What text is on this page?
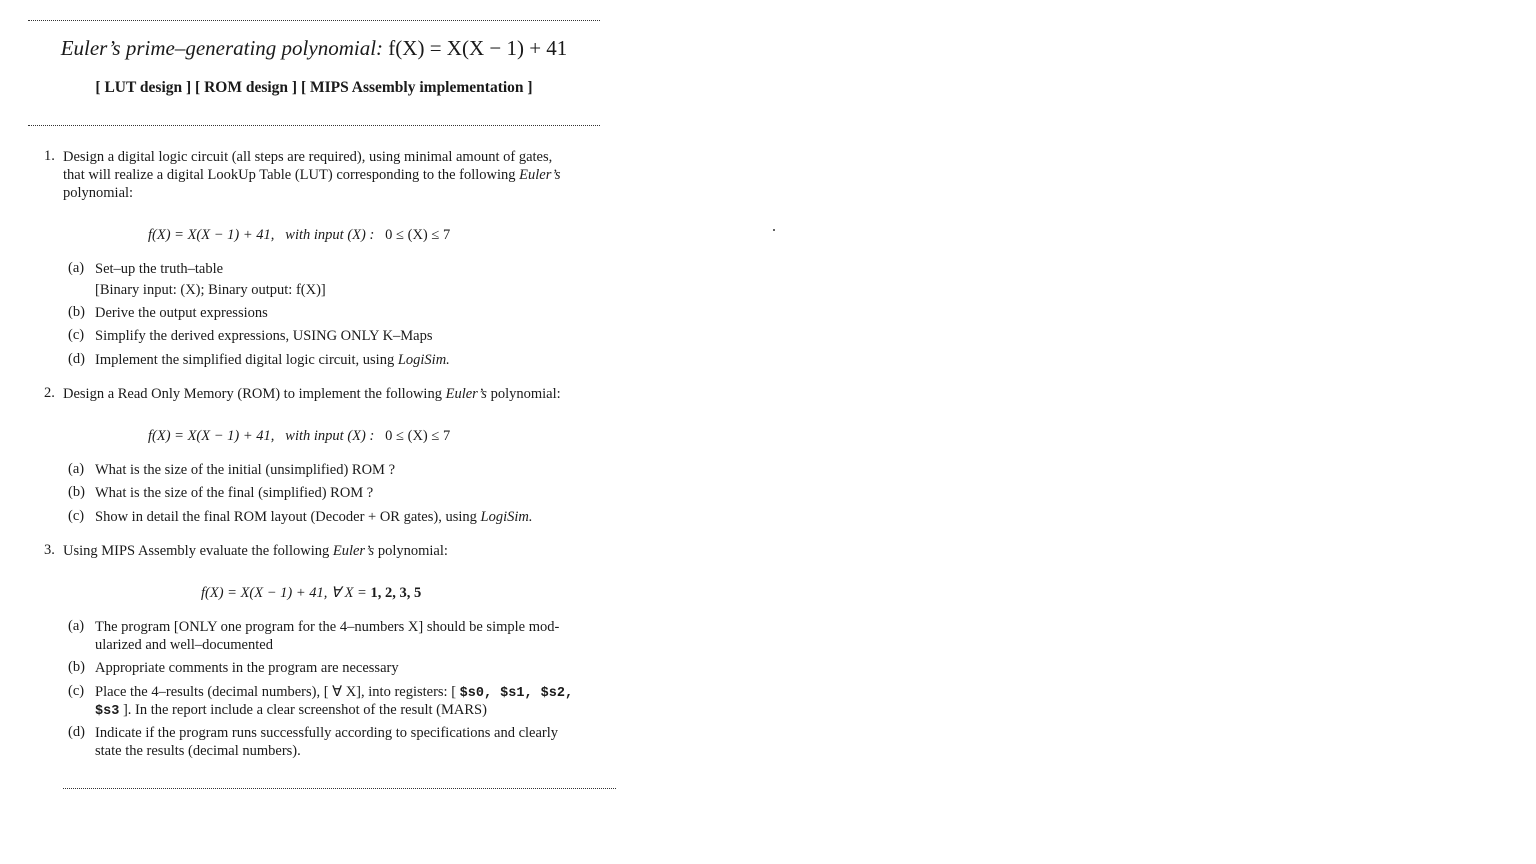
Euler’s prime–generating polynomial: f(X) = X(X − 1) + 41
[ LUT design ] [ ROM design ] [ MIPS Assembly implementation ]
1. Design a digital logic circuit (all steps are required), using minimal amount of gates,
that will realize a digital LookUp Table (LUT) corresponding to the following Euler’s
polynomial:
f(X) = X(X − 1) + 41, with input (X) : 0 ≤ (X) ≤ 7
(a) Set–up the truth–table
[Binary input: (X); Binary output: f(X)]
(b) Derive the output expressions
(c) Simplify the derived expressions, USING ONLY K–Maps
(d) Implement the simplified digital logic circuit, using LogiSim.
2. Design a Read Only Memory (ROM) to implement the following Euler’s polynomial:
f(X) = X(X − 1) + 41, with input (X) : 0 ≤ (X) ≤ 7
(a) What is the size of the initial (unsimplified) ROM ?
(b) What is the size of the final (simplified) ROM ?
(c) Show in detail the final ROM layout (Decoder + OR gates), using LogiSim.
3. Using MIPS Assembly evaluate the following Euler’s polynomial:
f(X) = X(X − 1) + 41, ∀ X = 1, 2, 3, 5
(a) The program [ONLY one program for the 4–numbers X] should be simple mod-
ularized and well–documented
(b) Appropriate comments in the program are necessary
(c) Place the 4–results (decimal numbers), [ ∀ X], into registers: [ $s0, $s1, $s2,
$s3 ]. In the report include a clear screenshot of the result (MARS)
(d) Indicate if the program runs successfully according to specifications and clearly
state the results (decimal numbers).
